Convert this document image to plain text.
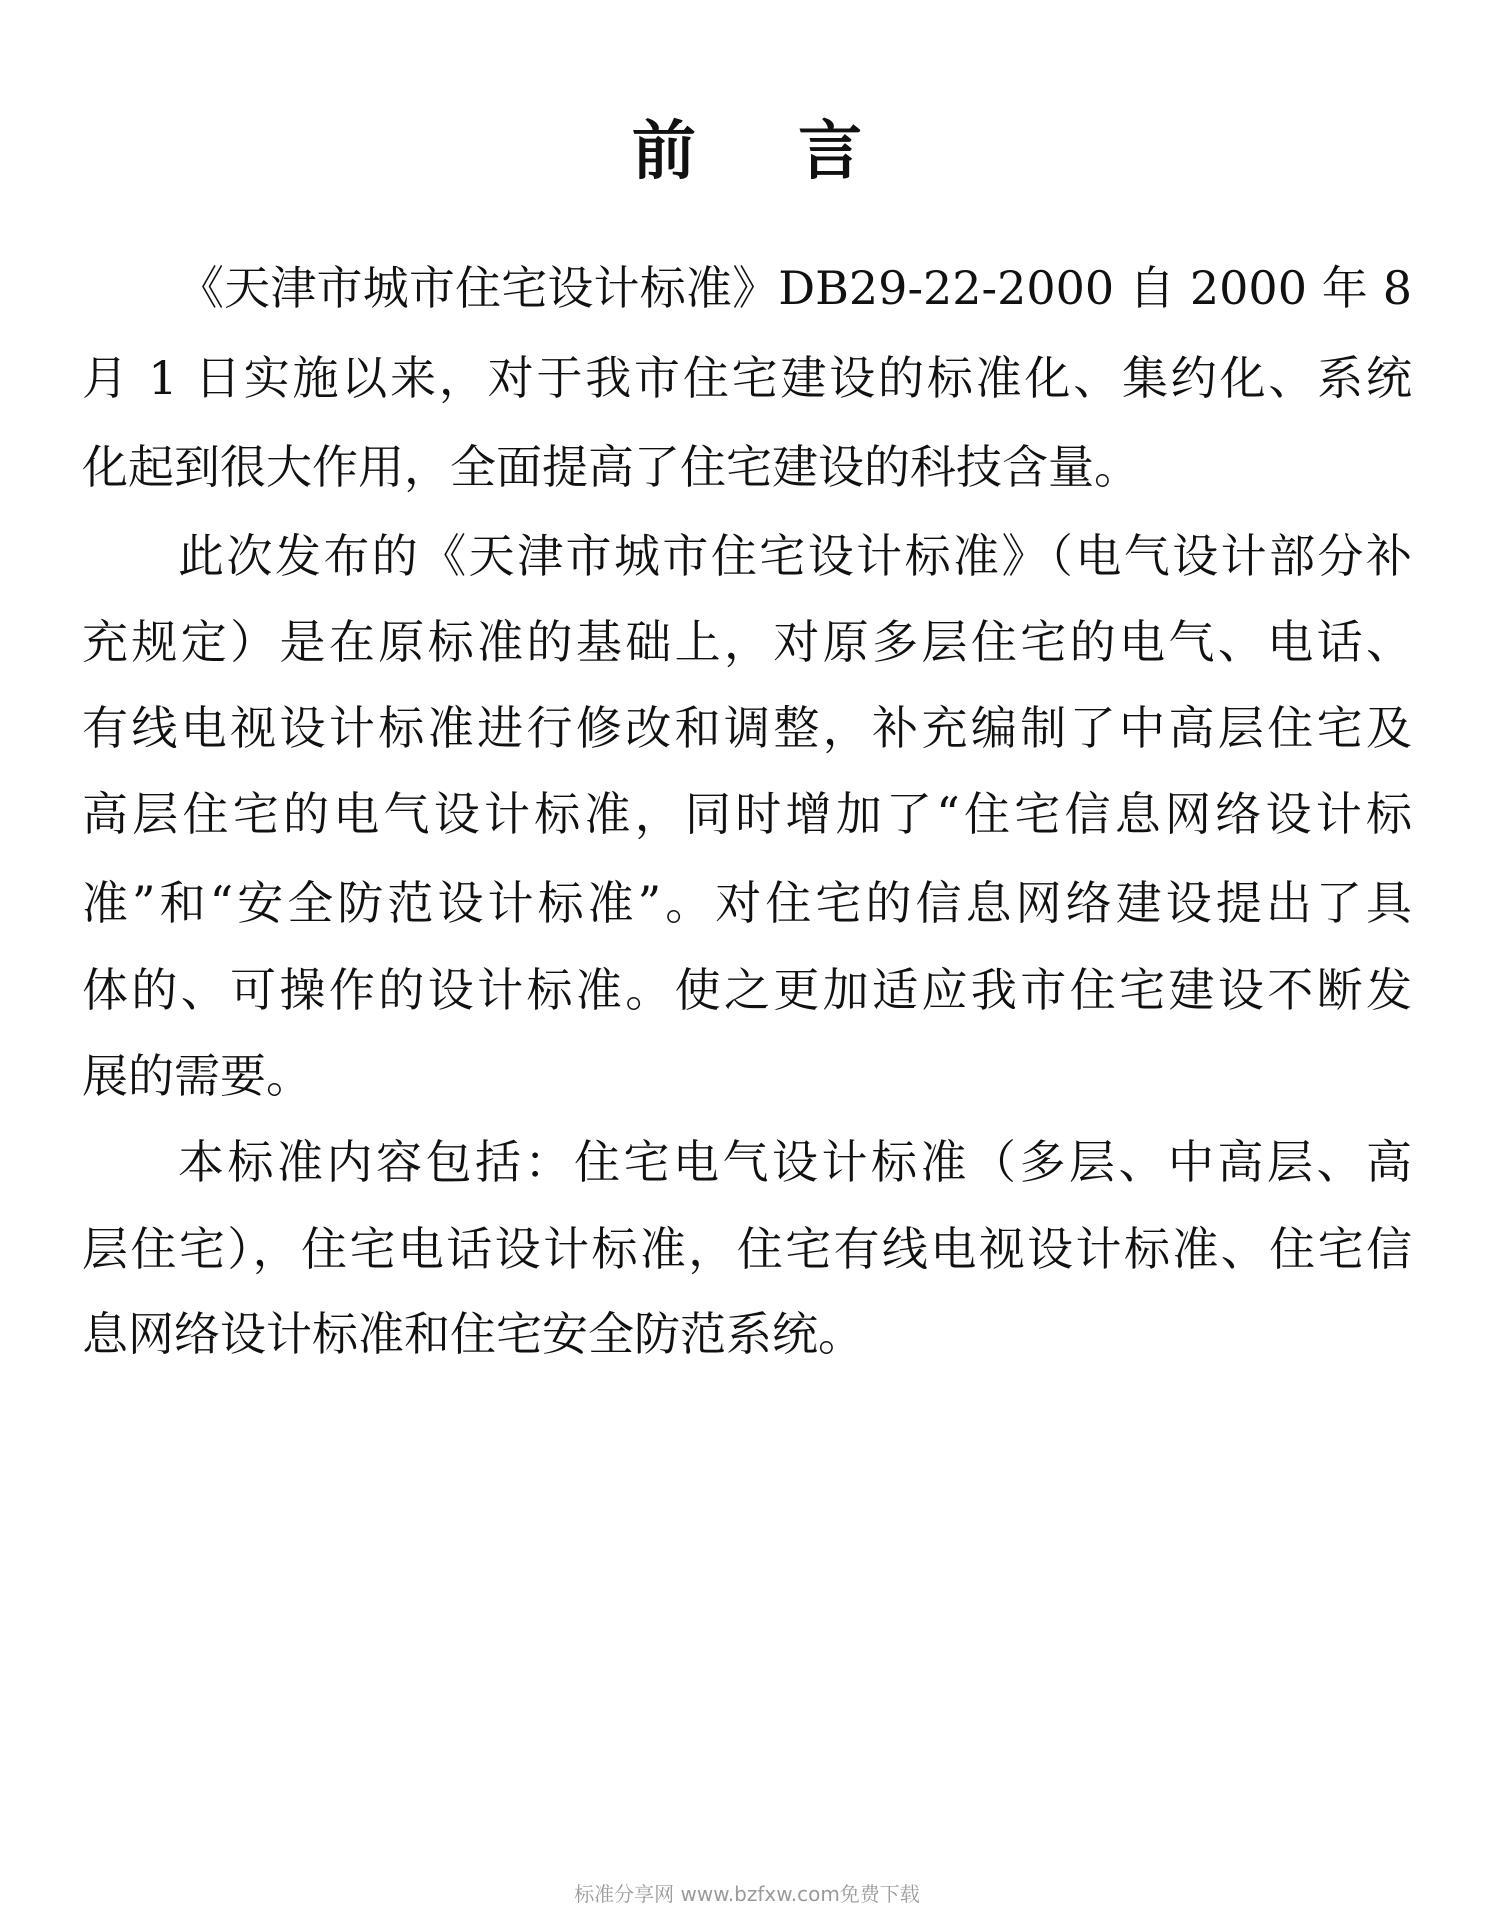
前 言

《天津市城市住宅设计标准》DB29-22-2000 自 2000 年 8

月 1 日实施以来，对于我市住宅建设的标准化、集约化、系统

化起到很大作用，全面提高了住宅建设的科技含量。

此次发布的《天津市城市住宅设计标准》（电气设计部分补

充规定）是在原标准的基础上，对原多层住宅的电气、电话、

有线电视设计标准进行修改和调整，补充编制了中高层住宅及

高层住宅的电气设计标准，同时增加了“住宅信息网络设计标

准”和“安全防范设计标准”。对住宅的信息网络建设提出了具

体的、可操作的设计标准。使之更加适应我市住宅建设不断发

展的需要。

本标准内容包括：住宅电气设计标准（多层、中高层、高

层住宅），住宅电话设计标准，住宅有线电视设计标准、住宅信

息网络设计标准和住宅安全防范系统。

标准分享网 www.bzfxw.com免费下载
